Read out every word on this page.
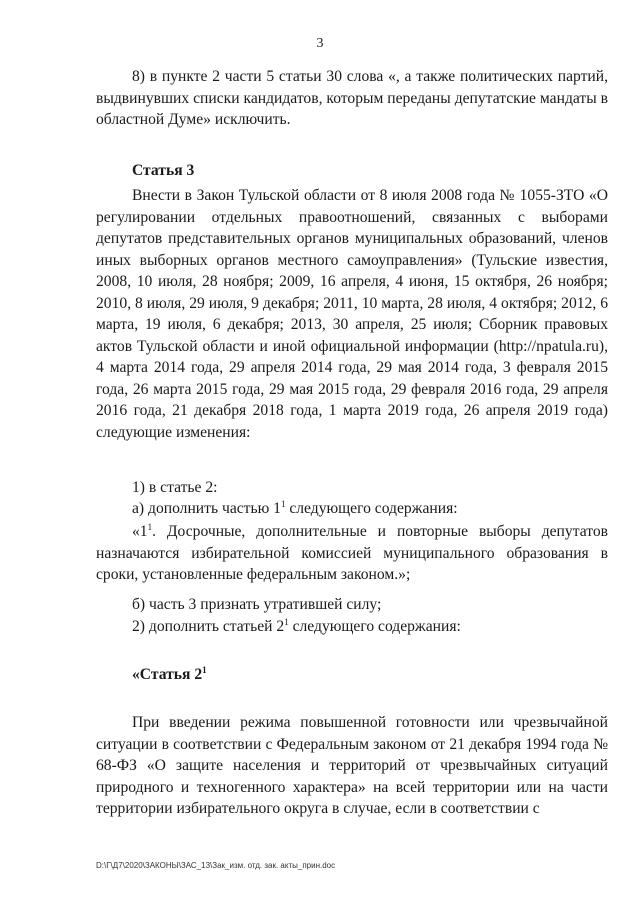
3
8) в пункте 2 части 5 статьи 30 слова «, а также политических партий, выдвинувших списки кандидатов, которым переданы депутатские мандаты в областной Думе» исключить.
Статья 3
Внести в Закон Тульской области от 8 июля 2008 года № 1055-ЗТО «О регулировании отдельных правоотношений, связанных с выборами депутатов представительных органов муниципальных образований, членов иных выборных органов местного самоуправления» (Тульские известия, 2008, 10 июля, 28 ноября; 2009, 16 апреля, 4 июня, 15 октября, 26 ноября; 2010, 8 июля, 29 июля, 9 декабря; 2011, 10 марта, 28 июля, 4 октября; 2012, 6 марта, 19 июля, 6 декабря; 2013, 30 апреля, 25 июля; Сборник правовых актов Тульской области и иной официальной информации (http://npatula.ru), 4 марта 2014 года, 29 апреля 2014 года, 29 мая 2014 года, 3 февраля 2015 года, 26 марта 2015 года, 29 мая 2015 года, 29 февраля 2016 года, 29 апреля 2016 года, 21 декабря 2018 года, 1 марта 2019 года, 26 апреля 2019 года) следующие изменения:
1) в статье 2:
а) дополнить частью $1^1$ следующего содержания:
«$1^1$. Досрочные, дополнительные и повторные выборы депутатов назначаются избирательной комиссией муниципального образования в сроки, установленные федеральным законом.»;
б) часть 3 признать утратившей силу;
2) дополнить статьей $2^1$ следующего содержания:
«Статья $2^1$
При введении режима повышенной готовности или чрезвычайной ситуации в соответствии с Федеральным законом от 21 декабря 1994 года № 68-ФЗ «О защите населения и территорий от чрезвычайных ситуаций природного и техногенного характера» на всей территории или на части территории избирательного округа в случае, если в соответствии с
D:\Г\Д7\2020\ЗАКОНЫ\ЗАС_13\Зак_изм. отд. зак. акты_прин.doc
